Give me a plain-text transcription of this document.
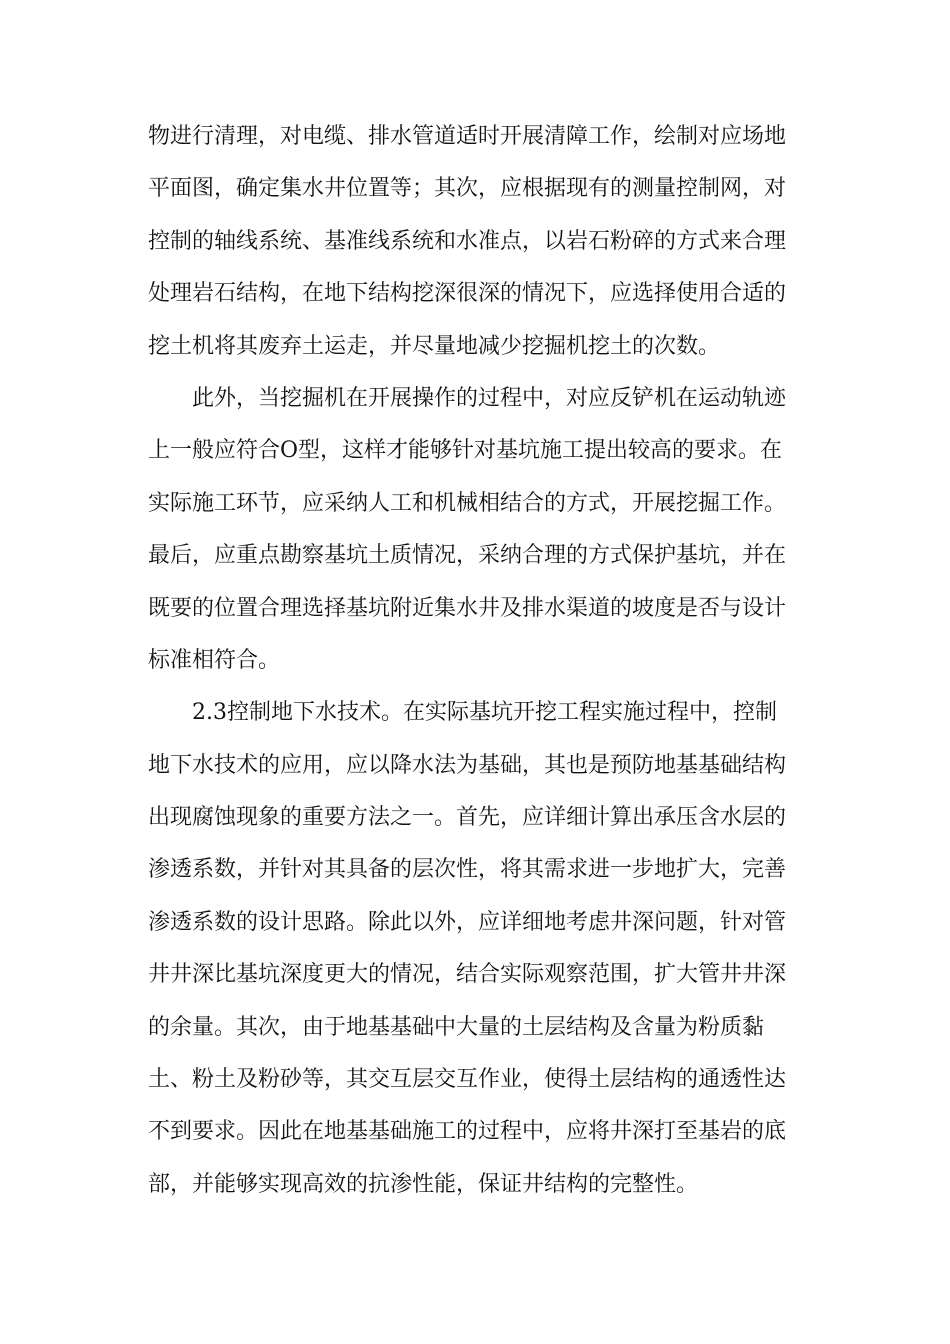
物进行清理，对电缆、排水管道适时开展清障工作，绘制对应场地
平面图，确定集水井位置等；其次，应根据现有的测量控制网，对
控制的轴线系统、基准线系统和水准点，以岩石粉碎的方式来合理
处理岩石结构，在地下结构挖深很深的情况下，应选择使用合适的
挖土机将其废弃土运走，并尽量地减少挖掘机挖土的次数。
此外，当挖掘机在开展操作的过程中，对应反铲机在运动轨迹
上一般应符合O型，这样才能够针对基坑施工提出较高的要求。在
实际施工环节，应采纳人工和机械相结合的方式，开展挖掘工作。
最后，应重点勘察基坑土质情况，采纳合理的方式保护基坑，并在
既要的位置合理选择基坑附近集水井及排水渠道的坡度是否与设计
标准相符合。
2.3控制地下水技术。在实际基坑开挖工程实施过程中，控制
地下水技术的应用，应以降水法为基础，其也是预防地基基础结构
出现腐蚀现象的重要方法之一。首先，应详细计算出承压含水层的
渗透系数，并针对其具备的层次性，将其需求进一步地扩大，完善
渗透系数的设计思路。除此以外，应详细地考虑井深问题，针对管
井井深比基坑深度更大的情况，结合实际观察范围，扩大管井井深
的余量。其次，由于地基基础中大量的土层结构及含量为粉质黏
土、粉土及粉砂等，其交互层交互作业，使得土层结构的通透性达
不到要求。因此在地基基础施工的过程中，应将井深打至基岩的底
部，并能够实现高效的抗渗性能，保证井结构的完整性。
